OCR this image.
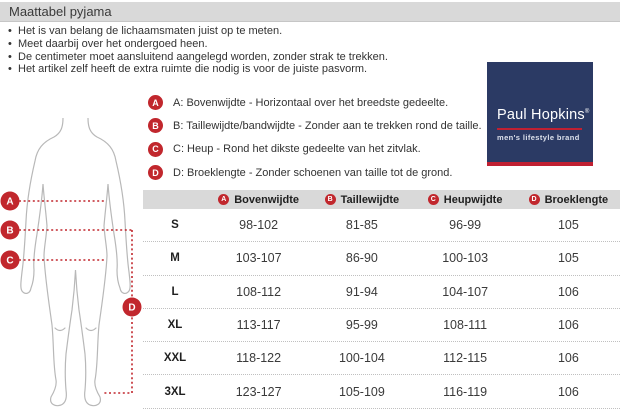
Maattabel pyjama
• Het is van belang de lichaamsmaten juist op te meten.
• Meet daarbij over het ondergoed heen.
• De centimeter moet aansluitend aangelegd worden, zonder strak te trekken.
• Het artikel zelf heeft de extra ruimte die nodig is voor de juiste pasvorm.
A	A: Bovenwijdte - Horizontaal over het breedste gedeelte.
B	B: Taillewijdte/bandwijdte - Zonder aan te trekken rond de taille.
C	C: Heup - Rond het dikste gedeelte van het zitvlak.
D	D: Broeklengte - Zonder schoenen van taille tot de grond.
Paul Hopkins®
men's lifestyle brand
A
B
C
D
A Bovenwijdte	B Taillewijdte	C Heupwijdte	D Broeklengte
S	98-102	81-85	96-99	105
M	103-107	86-90	100-103	105
L	108-112	91-94	104-107	106
XL	113-117	95-99	108-111	106
XXL	118-122	100-104	112-115	106
3XL	123-127	105-109	116-119	106
